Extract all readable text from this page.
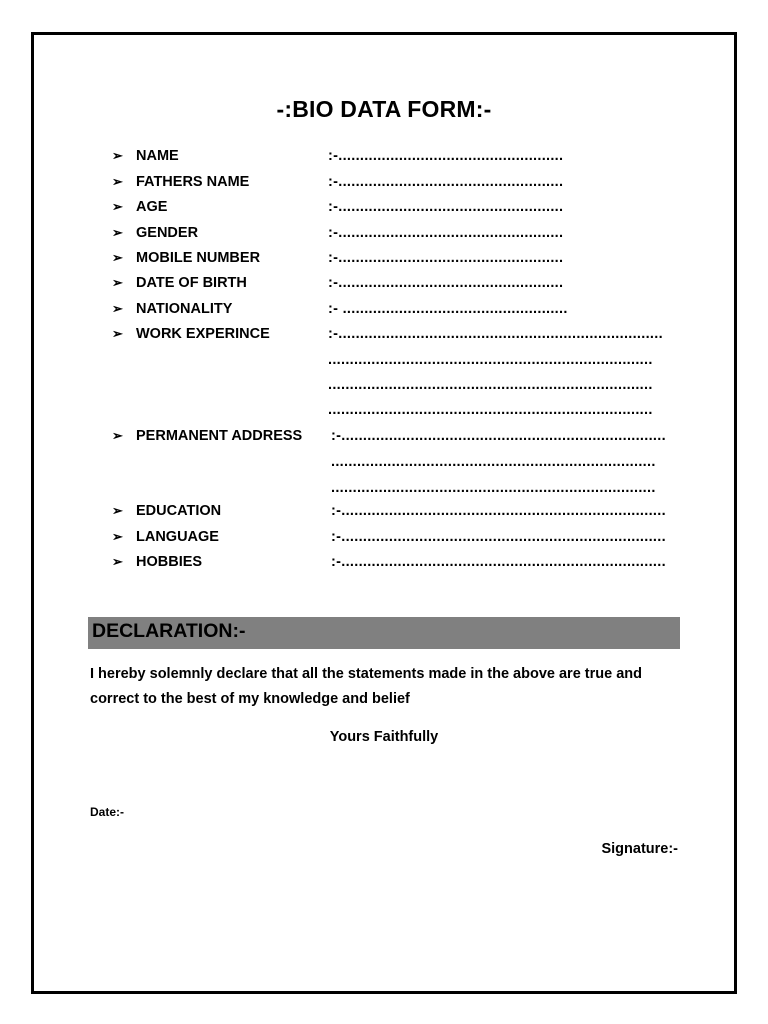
-:BIO DATA FORM:-
➢ NAME	:-....................................................
➢ FATHERS NAME	:-....................................................
➢ AGE	:-....................................................
➢ GENDER	:-....................................................
➢ MOBILE NUMBER	:-....................................................
➢ DATE OF BIRTH	:-....................................................
➢ NATIONALITY	:- ....................................................
➢ WORK EXPERINCE	:-...........................................................................
...........................................................................
...........................................................................
...........................................................................
➢ PERMANENT ADDRESS :-...........................................................................
...........................................................................
...........................................................................
➢ EDUCATION	:-...........................................................................
➢ LANGUAGE	:-...........................................................................
➢ HOBBIES	:-...........................................................................
DECLARATION:-
I hereby solemnly declare that all the statements made in the above are true and correct to the best of my knowledge and belief
Yours Faithfully
Date:-
Signature:-
